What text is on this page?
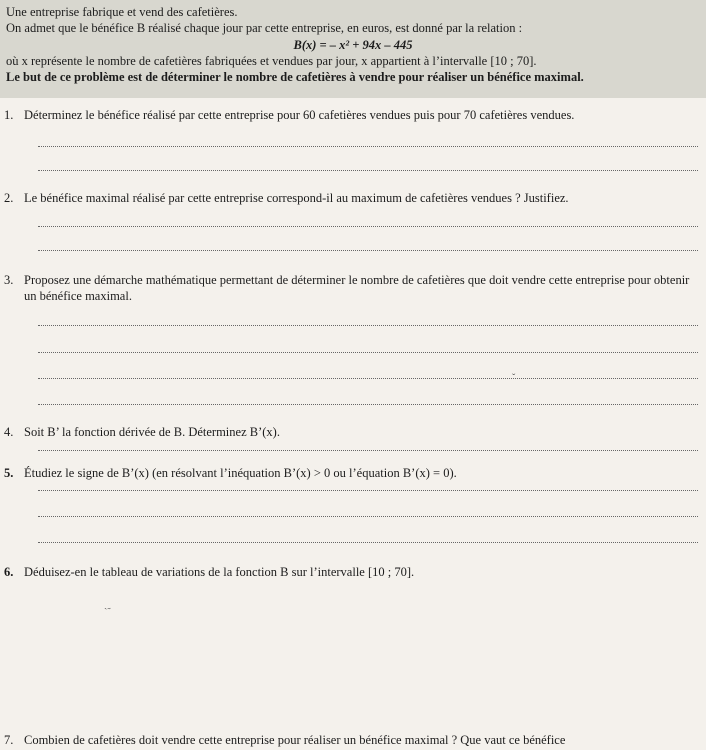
Une entreprise fabrique et vend des cafetières.

On admet que le bénéfice B réalisé chaque jour par cette entreprise, en euros, est donné par la relation :

B(x) = – x² + 94x – 445

où x représente le nombre de cafetières fabriquées et vendues par jour, x appartient à l’intervalle [10 ; 70].

Le but de ce problème est de déterminer le nombre de cafetières à vendre pour réaliser un bénéfice maximal.

1. Déterminez le bénéfice réalisé par cette entreprise pour 60 cafetières vendues puis pour 70 cafetières vendues.
2. Le bénéfice maximal réalisé par cette entreprise correspond-il au maximum de cafetières vendues ? Justifiez.
3. Proposez une démarche mathématique permettant de déterminer le nombre de cafetières que doit vendre cette entreprise pour obtenir un bénéfice maximal.
ˇ
4. Soit B’ la fonction dérivée de B. Déterminez B’(x).
5. Étudiez le signe de B’(x) (en résolvant l’inéquation B’(x) > 0 ou l’équation B’(x) = 0).
6. Déduisez-en le tableau de variations de la fonction B sur l’intervalle [10 ; 70].
ˎ˷
7. Combien de cafetières doit vendre cette entreprise pour réaliser un bénéfice maximal ? Que vaut ce bénéfice
